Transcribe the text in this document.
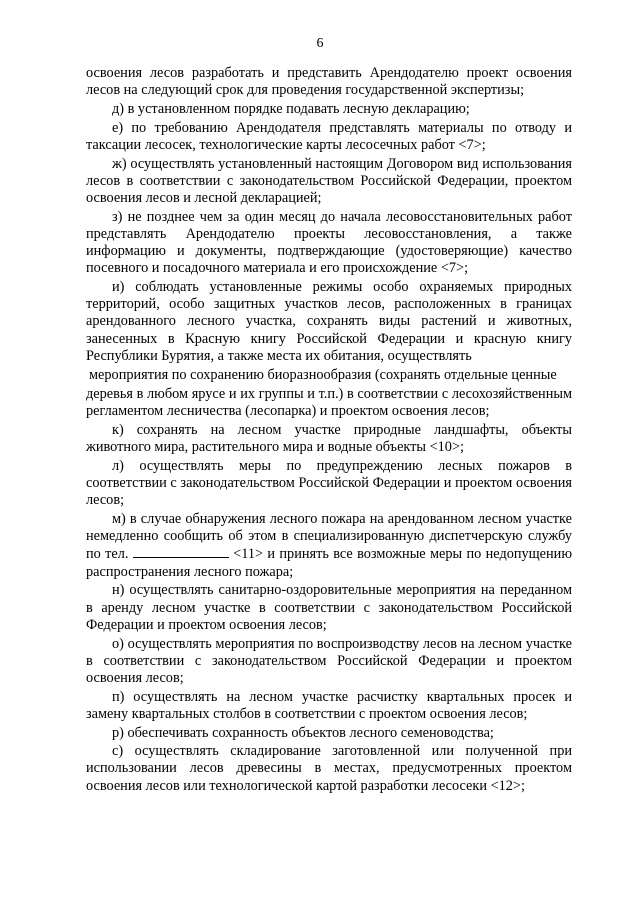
6

освоения лесов разработать и представить Арендодателю проект освоения лесов на следующий срок для проведения государственной экспертизы;

д) в установленном порядке подавать лесную декларацию;

е) по требованию Арендодателя представлять материалы по отводу и таксации лесосек, технологические карты лесосечных работ <7>;

ж) осуществлять установленный настоящим Договором вид использования лесов в соответствии с законодательством Российской Федерации, проектом освоения лесов и лесной декларацией;

з) не позднее чем за один месяц до начала лесовосстановительных работ представлять Арендодателю проекты лесовосстановления, а также информацию и документы, подтверждающие (удостоверяющие) качество посевного и посадочного материала и его происхождение <7>;

и) соблюдать установленные режимы особо охраняемых природных территорий, особо защитных участков лесов, расположенных в границах арендованного лесного участка, сохранять виды растений и животных, занесенных в Красную книгу Российской Федерации и красную книгу Республики Бурятия, а также места их обитания, осуществлять

мероприятия по сохранению биоразнообразия (сохранять отдельные ценные

деревья в любом ярусе и их группы и т.п.) в соответствии с лесохозяйственным регламентом лесничества (лесопарка) и проектом освоения лесов;

к) сохранять на лесном участке природные ландшафты, объекты животного мира, растительного мира и водные объекты <10>;

л) осуществлять меры по предупреждению лесных пожаров в соответствии с законодательством Российской Федерации и проектом освоения лесов;

м) в случае обнаружения лесного пожара на арендованном лесном участке немедленно сообщить об этом в специализированную диспетчерскую службу по тел.	<11> и принять все возможные меры по недопущению распространения лесного пожара;

н) осуществлять санитарно-оздоровительные мероприятия на переданном в аренду лесном участке в соответствии с законодательством Российской Федерации и проектом освоения лесов;

о) осуществлять мероприятия по воспроизводству лесов на лесном участке в соответствии с законодательством Российской Федерации и проектом освоения лесов;

п) осуществлять на лесном участке расчистку квартальных просек и замену квартальных столбов в соответствии с проектом освоения лесов;

р) обеспечивать сохранность объектов лесного семеноводства;

с) осуществлять складирование заготовленной или полученной при использовании лесов древесины в местах, предусмотренных проектом освоения лесов или технологической картой разработки лесосеки <12>;
